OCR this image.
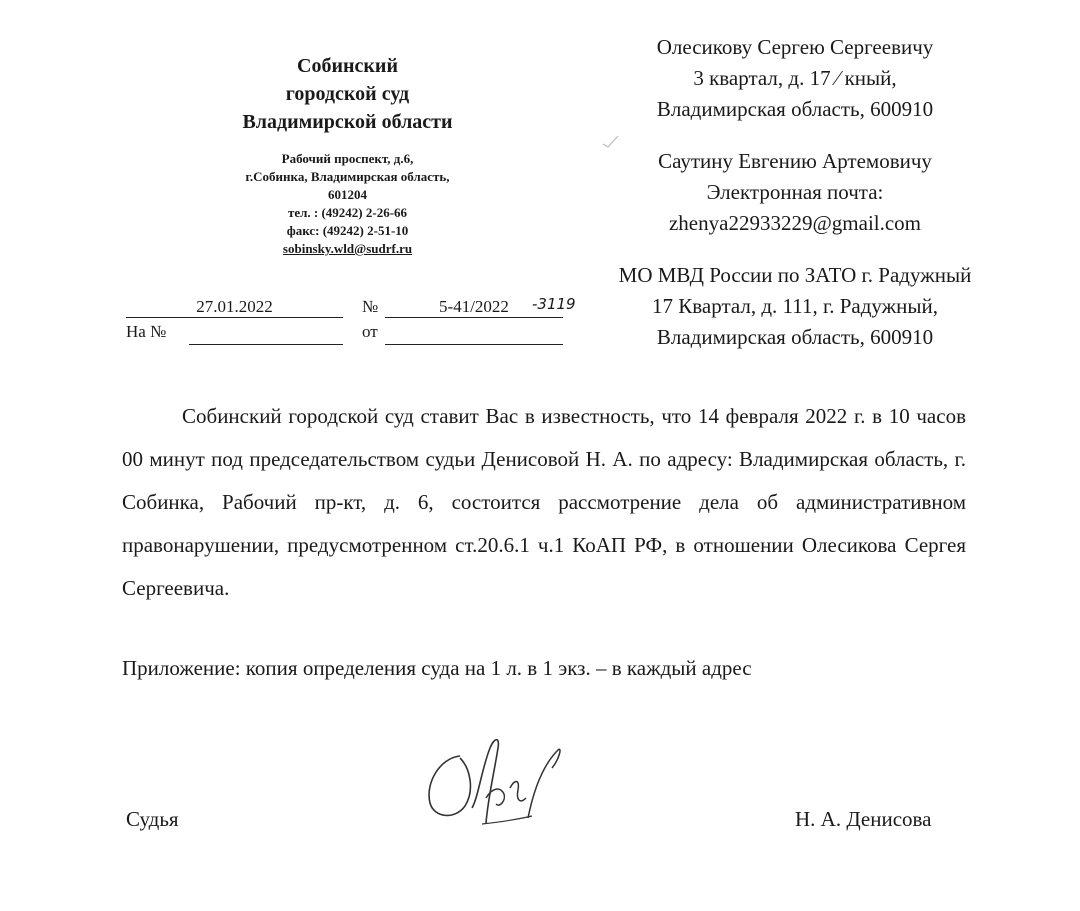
Собинский
городской суд
Владимирской области
Рабочий проспект, д.6,
г.Собинка, Владимирская область,
601204
тел. : (49242) 2-26-66
факс: (49242) 2-51-10
sobinsky.wld@sudrf.ru
Олесикову Сергею Сергеевичу
3 квартал, д. 17 ⁄ кный,
Владимирская область, 600910
Саутину Евгению Артемовичу
Электронная почта:
zhenya22933229@gmail.com
МО МВД России по ЗАТО г. Радужный
17 Квартал, д. 111, г. Радужный,
Владимирская область, 600910
27.01.2022	№	5-41/2022	-3119
На №	от

Собинский городской суд ставит Вас в известность, что 14 февраля 2022 г. в 10 часов 00 минут под председательством судьи Денисовой Н. А. по адресу: Владимирская область, г. Собинка, Рабочий пр-кт, д. 6, состоится рассмотрение дела об административном правонарушении, предусмотренном ст.20.6.1 ч.1 КоАП РФ, в отношении Олесикова Сергея Сергеевича.

Приложение: копия определения суда на 1 л. в 1 экз. – в каждый адрес
Судья	Н. А. Денисова
